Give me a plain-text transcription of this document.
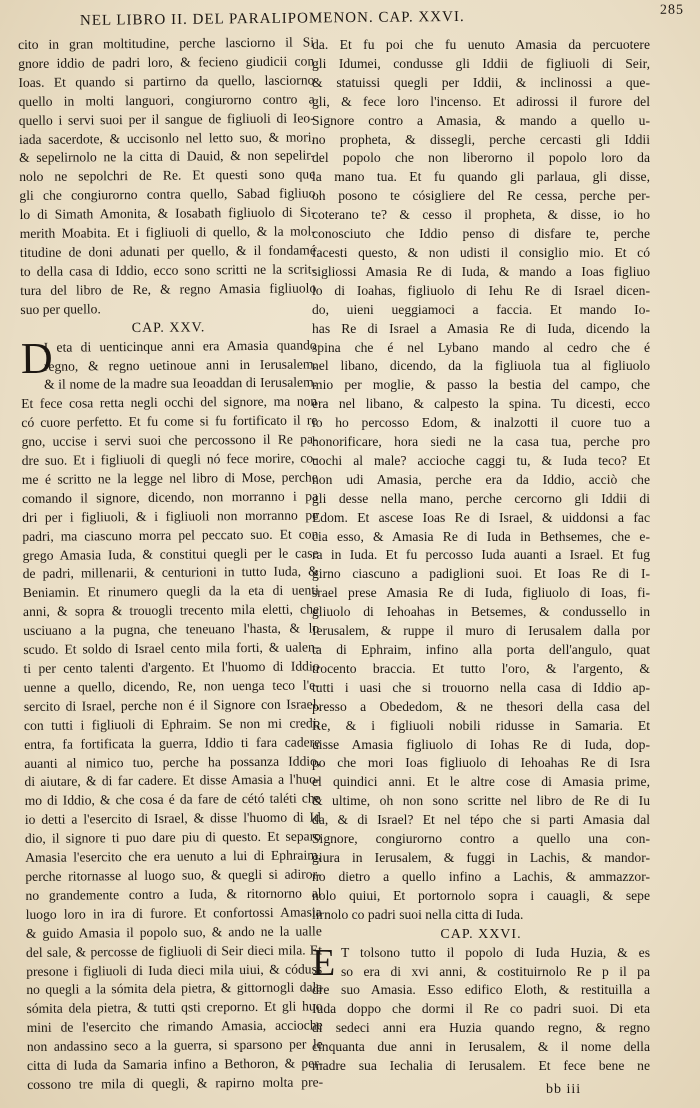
NEL LIBRO II. DEL PARALIPOMENON. CAP. XXVI.	285
cito in gran moltitudine, perche lasciorno il Si
gnore iddio de padri loro, & fecieno giudicii con
Ioas. Et quando si partirno da quello, lasciorno
quello in molti languori, congiurorno contro a
quello i servi suoi per il sangue de figliuoli di Ieo-
iada sacerdote, & uccisonlo nel letto suo, & mori,
& sepelirnolo ne la citta di Dauid, & non sepelir-
nolo ne sepolchri de Re. Et questi sono que
gli che congiurorno contra quello, Sabad figliuo
lo di Simath Amonita, & Iosabath figliuolo di Si-
merith Moabita. Et i figliuoli di quello, & la mol-
titudine de doni adunati per quello, & il fondamé
to della casa di Iddio, ecco sono scritti ne la scrit-
tura del libro de Re, & regno Amasia figliuolo
suo per quello.
CAP. XXV.
D
I eta di uenticinque anni era Amasia quando
regno, & regno uetinoue anni in Ierusalem.
& il nome de la madre sua Ieoaddan di Ierusalem.
Et fece cosa retta negli occhi del signore, ma non
có cuore perfetto. Et fu come si fu fortificato il re
gno, uccise i servi suoi che percossono il Re pa-
dre suo. Et i figliuoli di quegli nó fece morire, co-
me é scritto ne la legge nel libro di Mose, perche
comando il signore, dicendo, non morranno i pa
dri per i figliuoli, & i figliuoli non morranno pe
padri, ma ciascuno morra pel peccato suo. Et con
grego Amasia Iuda, & constitui quegli per le case
de padri, millenarii, & centurioni in tutto Iuda, &
Beniamin. Et rinumero quegli da la eta di uenti
anni, & sopra & trouogli trecento mila eletti, che
usciuano a la pugna, che teneuano l'hasta, & lo
scudo. Et soldo di Israel cento mila forti, & ualen-
ti per cento talenti d'argento. Et l'huomo di Iddio
uenne a quello, dicendo, Re, non uenga teco l'e-
sercito di Israel, perche non é il Signore con Israel,
con tutti i figliuoli di Ephraim. Se non mi credi,
entra, fa fortificata la guerra, Iddio ti fara cadere
auanti al nimico tuo, perche ha possanza Iddio,
di aiutare, & di far cadere. Et disse Amasia a l'huo-
mo di Iddio, & che cosa é da fare de cétó taléti che
io detti a l'esercito di Israel, & disse l'huomo di Id
dio, il signore ti puo dare piu di questo. Et separo
Amasia l'esercito che era uenuto a lui di Ephraim,
perche ritornasse al luogo suo, & quegli si adiror-
no grandemente contro a Iuda, & ritornorno al
luogo loro in ira di furore. Et confortossi Amasia
& guido Amasia il popolo suo, & ando ne la ualle
del sale, & percosse de figliuoli di Seir dieci mila. Et
presone i figliuoli di Iuda dieci mila uiui, & códuss
no quegli a la sómita dela pietra, & gittornogli dala
sómita dela pietra, & tutti qsti creporno. Et gli huo
mini de l'esercito che rimando Amasia, accioche
non andassino seco a la guerra, si sparsono per le
citta di Iuda da Samaria infino a Bethoron, & per-
cossono tre mila di quegli, & rapirno molta pre-
da. Et fu poi che fu uenuto Amasia da percuotere
gli Idumei, condusse gli Iddii de figliuoli di Seir,
& statuissi quegli per Iddii, & inclinossi a que-
gli, & fece loro l'incenso. Et adirossi il furore del
Signore contro a Amasia, & mando a quello u-
no propheta, & dissegli, perche cercasti gli Iddii
del popolo che non liberorno il popolo loro da
la mano tua. Et fu quando gli parlaua, gli disse,
oh posono te cósigliere del Re cessa, perche per-
coterano te? & cesso il propheta, & disse, io ho
conosciuto che Iddio penso di disfare te, perche
facesti questo, & non udisti il consiglio mio. Et có
sigliossi Amasia Re di Iuda, & mando a Ioas figliuo
lo di Ioahas, figliuolo di Iehu Re di Israel dicen-
do, uieni ueggiamoci a faccia. Et mando Io-
has Re di Israel a Amasia Re di Iuda, dicendo la
spina che é nel Lybano mando al cedro che é
nel libano, dicendo, da la figliuola tua al figliuolo
mio per moglie, & passo la bestia del campo, che
era nel libano, & calpesto la spina. Tu dicesti, ecco
io ho percosso Edom, & inalzotti il cuore tuo a
honorificare, hora siedi ne la casa tua, perche pro
uochi al male? accioche caggi tu, & Iuda teco? Et
non udi Amasia, perche era da Iddio, acciò che
gli desse nella mano, perche cercorno gli Iddii di
Edom. Et ascese Ioas Re di Israel, & uiddonsi a fac
cia esso, & Amasia Re di Iuda in Bethsemes, che e-
ra in Iuda. Et fu percosso Iuda auanti a Israel. Et fug
girno ciascuno a padiglioni suoi. Et Ioas Re di I-
srael prese Amasia Re di Iuda, figliuolo di Ioas, fi-
gliuolo di Iehoahas in Betsemes, & condussello in
Ierusalem, & ruppe il muro di Ierusalem dalla por
ta di Ephraim, infino alla porta dell'angulo, quat
trocento braccia. Et tutto l'oro, & l'argento, &
tutti i uasi che si trouorno nella casa di Iddio ap-
presso a Obededom, & ne thesori della casa del
Re, & i figliuoli nobili ridusse in Samaria. Et
uisse Amasia figliuolo di Iohas Re di Iuda, dop-
po che mori Ioas figliuolo di Iehoahas Re di Isra
el quindici anni. Et le altre cose di Amasia prime,
& ultime, oh non sono scritte nel libro de Re di Iu
da, & di Israel? Et nel tépo che si parti Amasia dal
Signore, congiurorno contro a quello una con-
giura in Ierusalem, & fuggi in Lachis, & mandor-
no dietro a quello infino a Lachis, & ammazzor-
nolo quiui, Et portornolo sopra i cauagli, & sepe
lirnolo co padri suoi nella citta di Iuda.
CAP. XXVI.
E T tolsono tutto il popolo di Iuda Huzia, & es
so era di xvi anni, & costituirnolo Re p il pa
dre suo Amasia. Esso edifico Eloth, & restituilla a
Iuda doppo che dormi il Re co padri suoi. Di eta
di sedeci anni era Huzia quando regno, & regno
cinquanta due anni in Ierusalem, & il nome della
madre sua Iechalia di Ierusalem. Et fece bene ne
bb iii
